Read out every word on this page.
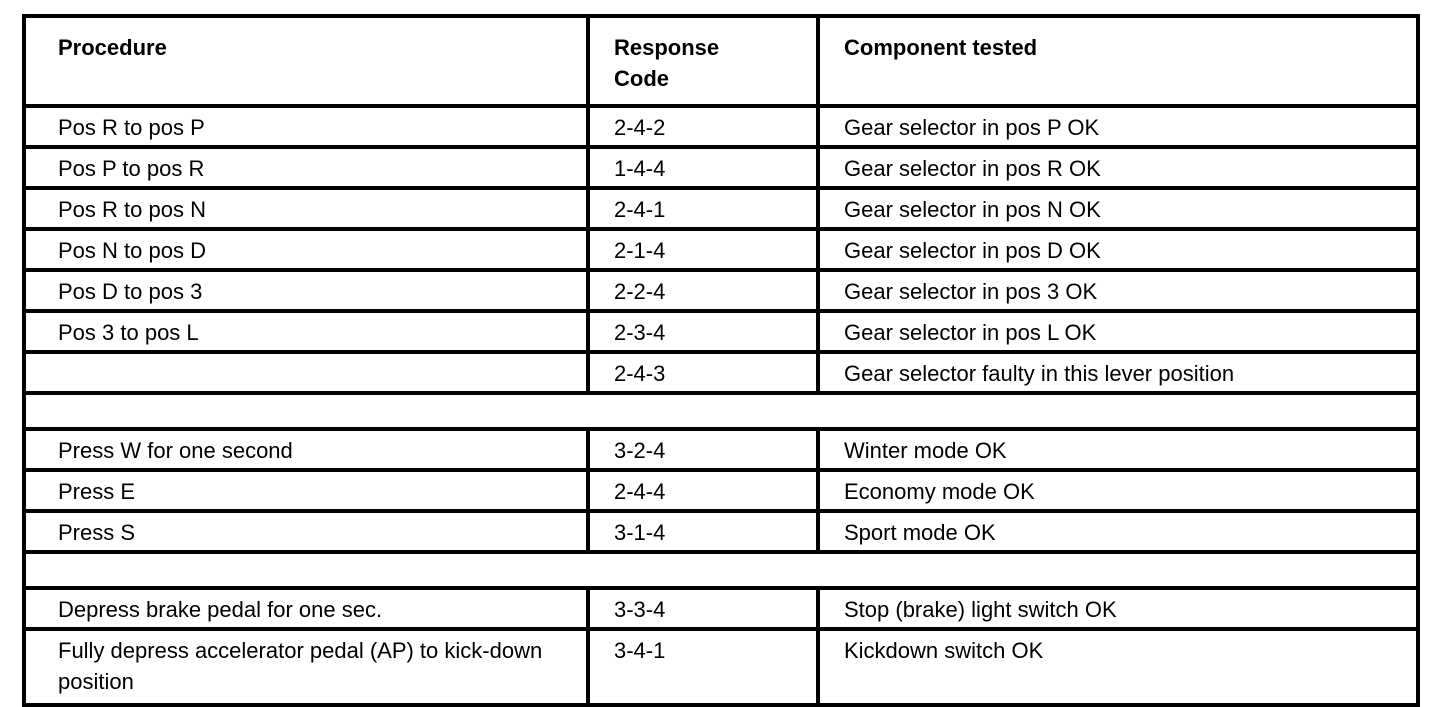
Procedure	Response Code	Component tested
Pos R to pos P	2-4-2	Gear selector in pos P OK
Pos P to pos R	1-4-4	Gear selector in pos R OK
Pos R to pos N	2-4-1	Gear selector in pos N OK
Pos N to pos D	2-1-4	Gear selector in pos D OK
Pos D to pos 3	2-2-4	Gear selector in pos 3 OK
Pos 3 to pos L	2-3-4	Gear selector in pos L OK
	2-4-3	Gear selector faulty in this lever position

Press W for one second	3-2-4	Winter mode OK
Press E	2-4-4	Economy mode OK
Press S	3-1-4	Sport mode OK

Depress brake pedal for one sec.	3-3-4	Stop (brake) light switch OK
Fully depress accelerator pedal (AP) to kick-down position	3-4-1	Kickdown switch OK
